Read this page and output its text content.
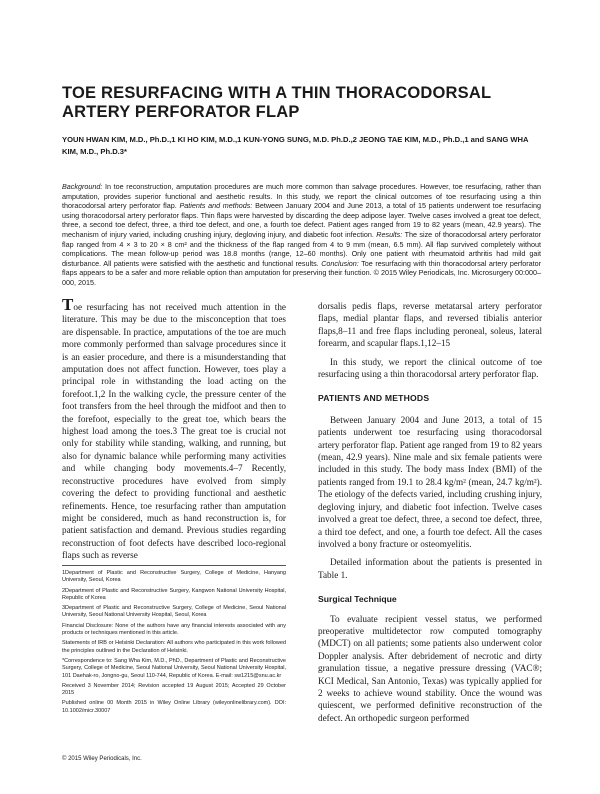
TOE RESURFACING WITH A THIN THORACODORSAL ARTERY PERFORATOR FLAP
YOUN HWAN KIM, M.D., Ph.D.,1 KI HO KIM, M.D.,1 KUN-YONG SUNG, M.D. Ph.D.,2 JEONG TAE KIM, M.D., Ph.D.,1 and SANG WHA KIM, M.D., Ph.D.3*
Background: In toe reconstruction, amputation procedures are much more common than salvage procedures. However, toe resurfacing, rather than amputation, provides superior functional and aesthetic results. In this study, we report the clinical outcomes of toe resurfacing using a thin thoracodorsal artery perforator flap. Patients and methods: Between January 2004 and June 2013, a total of 15 patients underwent toe resurfacing using thoracodorsal artery perforator flaps. Thin flaps were harvested by discarding the deep adipose layer. Twelve cases involved a great toe defect, three, a second toe defect, three, a third toe defect, and one, a fourth toe defect. Patient ages ranged from 19 to 82 years (mean, 42.9 years). The mechanism of injury varied, including crushing injury, degloving injury, and diabetic foot infection. Results: The size of thoracodorsal artery perforator flap ranged from 4 × 3 to 20 × 8 cm² and the thickness of the flap ranged from 4 to 9 mm (mean, 6.5 mm). All flap survived completely without complications. The mean follow-up period was 18.8 months (range, 12–60 months). Only one patient with rheumatoid arthritis had mild gait disturbance. All patients were satisfied with the aesthetic and functional results. Conclusion: Toe resurfacing with thin thoracodorsal artery perforator flaps appears to be a safer and more reliable option than amputation for preserving their function. © 2015 Wiley Periodicals, Inc. Microsurgery 00:000–000, 2015.

Toe resurfacing has not received much attention in the literature. This may be due to the misconception that toes are dispensable. In practice, amputations of the toe are much more commonly performed than salvage procedures since it is an easier procedure, and there is a misunderstanding that amputation does not affect function. However, toes play a principal role in withstanding the load acting on the forefoot.1,2 In the walking cycle, the pressure center of the foot transfers from the heel through the midfoot and then to the forefoot, especially to the great toe, which bears the highest load among the toes.3 The great toe is crucial not only for stability while standing, walking, and running, but also for dynamic balance while performing many activities and while changing body movements.4–7 Recently, reconstructive procedures have evolved from simply covering the defect to providing functional and aesthetic refinements. Hence, toe resurfacing rather than amputation might be considered, much as hand reconstruction is, for patient satisfaction and demand. Previous studies regarding reconstruction of foot defects have described loco-regional flaps such as reverse

dorsalis pedis flaps, reverse metatarsal artery perforator flaps, medial plantar flaps, and reversed tibialis anterior flaps,8–11 and free flaps including peroneal, soleus, lateral forearm, and scapular flaps.1,12–15

In this study, we report the clinical outcome of toe resurfacing using a thin thoracodorsal artery perforator flap.

PATIENTS AND METHODS

Between January 2004 and June 2013, a total of 15 patients underwent toe resurfacing using thoracodorsal artery perforator flap. Patient age ranged from 19 to 82 years (mean, 42.9 years). Nine male and six female patients were included in this study. The body mass Index (BMI) of the patients ranged from 19.1 to 28.4 kg/m² (mean, 24.7 kg/m²). The etiology of the defects varied, including crushing injury, degloving injury, and diabetic foot infection. Twelve cases involved a great toe defect, three, a second toe defect, three, a third toe defect, and one, a fourth toe defect. All the cases involved a bony fracture or osteomyelitis.

Detailed information about the patients is presented in Table 1.

Surgical Technique

To evaluate recipient vessel status, we performed preoperative multidetector row computed tomography (MDCT) on all patients; some patients also underwent color Doppler analysis. After debridement of necrotic and dirty granulation tissue, a negative pressure dressing (VAC®; KCI Medical, San Antonio, Texas) was typically applied for 2 weeks to achieve wound stability. Once the wound was quiescent, we performed definitive reconstruction of the defect. An orthopedic surgeon performed

1Department of Plastic and Reconstructive Surgery, College of Medicine, Hanyang University, Seoul, Korea

2Department of Plastic and Reconstructive Surgery, Kangwon National University Hospital, Republic of Korea

3Department of Plastic and Reconstructive Surgery, College of Medicine, Seoul National University, Seoul National University Hospital, Seoul, Korea

Financial Disclosure: None of the authors have any financial interests associated with any products or techniques mentioned in this article.

Statements of IRB or Helsinki Declaration: All authors who participated in this work followed the principles outlined in the Declaration of Helsinki.

*Correspondence to: Sang Wha Kim, M.D., PhD., Department of Plastic and Reconstructive Surgery, College of Medicine, Seoul National University, Seoul National University Hospital, 101 Daehak-ro, Jongno-gu, Seoul 110-744, Republic of Korea. E-mail: sw1215@snu.ac.kr

Received 3 November 2014; Revision accepted 19 August 2015; Accepted 29 October 2015

Published online 00 Month 2015 in Wiley Online Library (wileyonlinelibrary.com). DOI: 10.1002/micr.30007

© 2015 Wiley Periodicals, Inc.
